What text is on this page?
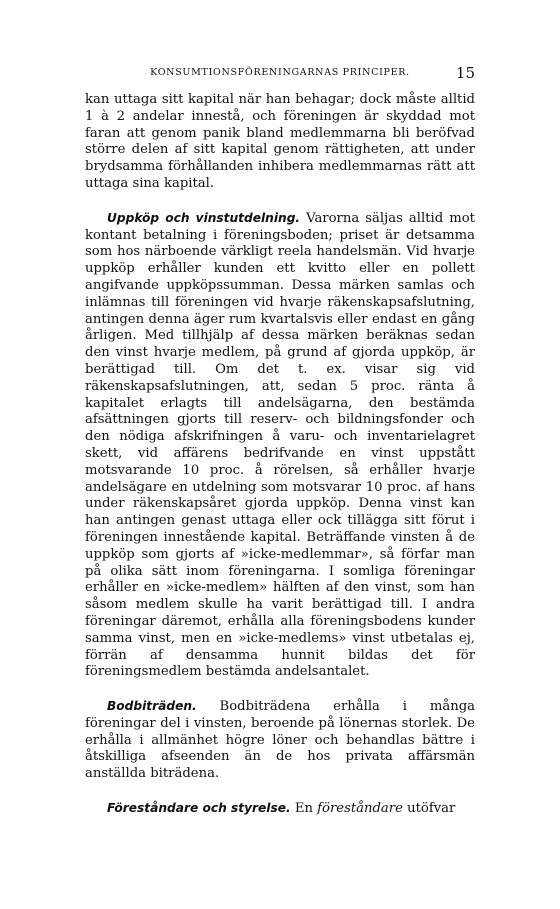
KONSUMTIONSFÖRENINGARNAS PRINCIPER.	15

kan uttaga sitt kapital när han behagar; dock måste alltid 1 à 2 andelar innestå, och föreningen är skyddad mot faran att genom panik bland medlemmarna bli beröfvad större delen af sitt kapital genom rättigheten, att under brydsamma förhållanden inhibera medlemmarnas rätt att uttaga sina kapital.

Uppköp och vinstutdelning. Varorna säljas alltid mot kontant betalning i föreningsboden; priset är detsamma som hos närboende värkligt reela handelsmän. Vid hvarje uppköp erhåller kunden ett kvitto eller en pollett angifvande uppköpssumman. Dessa märken samlas och inlämnas till föreningen vid hvarje räkenskapsafslutning, antingen denna äger rum kvartalsvis eller endast en gång årligen. Med tillhjälp af dessa märken beräknas sedan den vinst hvarje medlem, på grund af gjorda uppköp, är berättigad till. Om det t. ex. visar sig vid räkenskapsafslutningen, att, sedan 5 proc. ränta å kapitalet erlagts till andelsägarna, den bestämda afsättningen gjorts till reserv- och bildningsfonder och den nödiga afskrifningen å varu- och inventarielagret skett, vid affärens bedrifvande en vinst uppstått motsvarande 10 proc. å rörelsen, så erhåller hvarje andelsägare en utdelning som motsvarar 10 proc. af hans under räkenskapsåret gjorda uppköp. Denna vinst kan han antingen genast uttaga eller ock tillägga sitt förut i föreningen innestående kapital. Beträffande vinsten å de uppköp som gjorts af »icke-medlemmar», så förfar man på olika sätt inom föreningarna. I somliga föreningar erhåller en »icke-medlem» hälften af den vinst, som han såsom medlem skulle ha varit berättigad till. I andra föreningar däremot, erhålla alla föreningsbodens kunder samma vinst, men en »icke-medlems» vinst utbetalas ej, förrän af densamma hunnit bildas det för föreningsmedlem bestämda andelsantalet.

Bodbiträden. Bodbiträdena erhålla i många föreningar del i vinsten, beroende på lönernas storlek. De erhålla i allmänhet högre löner och behandlas bättre i åtskilliga afseenden än de hos privata affärsmän anställda biträdena.

Föreståndare och styrelse. En föreståndare utöfvar
